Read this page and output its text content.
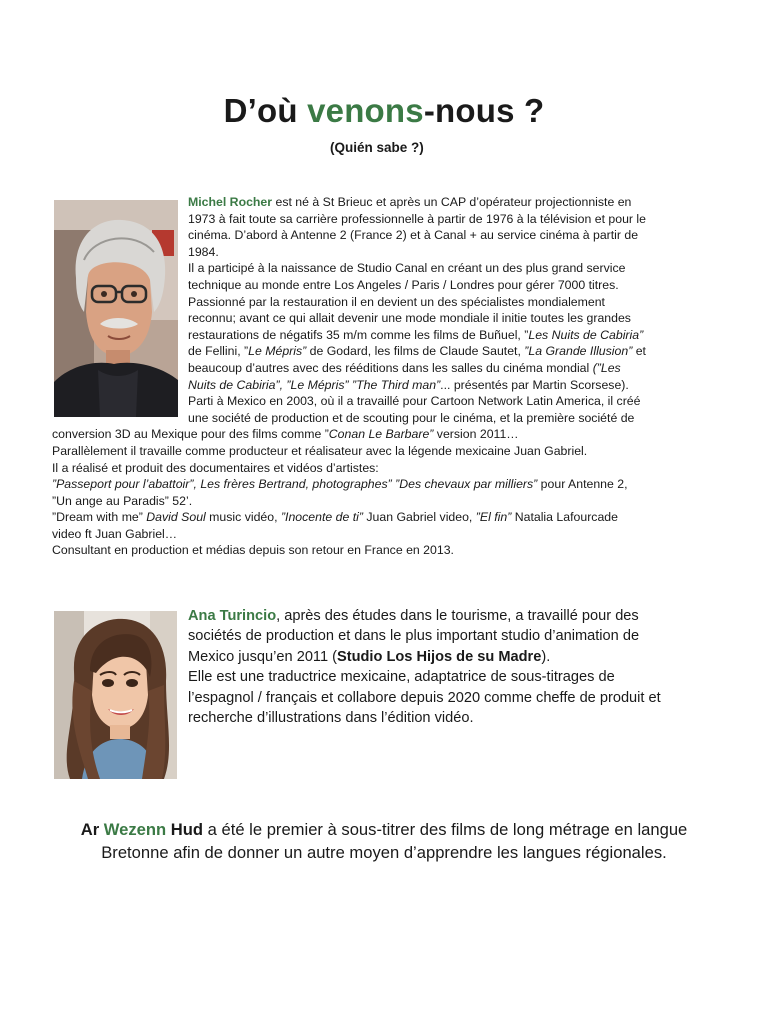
D’où venons-nous ?
(Quién sabe ?)
Michel Rocher est né à St Brieuc et après un CAP d’opérateur projectionniste en
1973 à fait toute sa carrière professionnelle à partir de 1976 à la télévision et pour le
cinéma. D’abord à Antenne 2 (France 2) et à Canal + au service cinéma à partir de
1984.
Il a participé à la naissance de Studio Canal en créant un des plus grand service
technique au monde entre Los Angeles / Paris / Londres pour gérer 7000 titres.
Passionné par la restauration il en devient un des spécialistes mondialement
reconnu; avant ce qui allait devenir une mode mondiale il initie toutes les grandes
restaurations de négatifs 35 m/m comme les films de Buñuel, ”Les Nuits de Cabiria”
de Fellini, ”Le Mépris” de Godard, les films de Claude Sautet, ”La Grande Illusion” et
beaucoup d’autres avec des rééditions dans les salles du cinéma mondial (”Les
Nuits de Cabiria”, ”Le Mépris” ”The Third man”... présentés par Martin Scorsese).
Parti à Mexico en 2003, où il a travaillé pour Cartoon Network Latin America, il créé
une société de production et de scouting pour le cinéma, et la première société de
conversion 3D au Mexique pour des films comme ”Conan Le Barbare” version 2011…
Parallèlement il travaille comme producteur et réalisateur avec la légende mexicaine Juan Gabriel.
Il a réalisé et produit des documentaires et vidéos d’artistes:
”Passeport pour l’abattoir”, Les frères Bertrand, photographes” ”Des chevaux par milliers” pour Antenne 2,
”Un ange au Paradis” 52’.
”Dream with me” David Soul music vidéo, ”Inocente de ti” Juan Gabriel video, ”El fin” Natalia Lafourcade
video ft Juan Gabriel…
Consultant en production et médias depuis son retour en France en 2013.
Ana Turincio, après des études dans le tourisme, a travaillé pour des
sociétés de production et dans le plus important studio d’animation de
Mexico jusqu’en 2011 (Studio Los Hijos de su Madre).
Elle est une traductrice mexicaine, adaptatrice de sous-titrages de
l’espagnol / français et collabore depuis 2020 comme cheffe de produit et
recherche d’illustrations dans l’édition vidéo.
Ar Wezenn Hud a été le premier à sous-titrer des films de long métrage en langue
Bretonne afin de donner un autre moyen d’apprendre les langues régionales.
